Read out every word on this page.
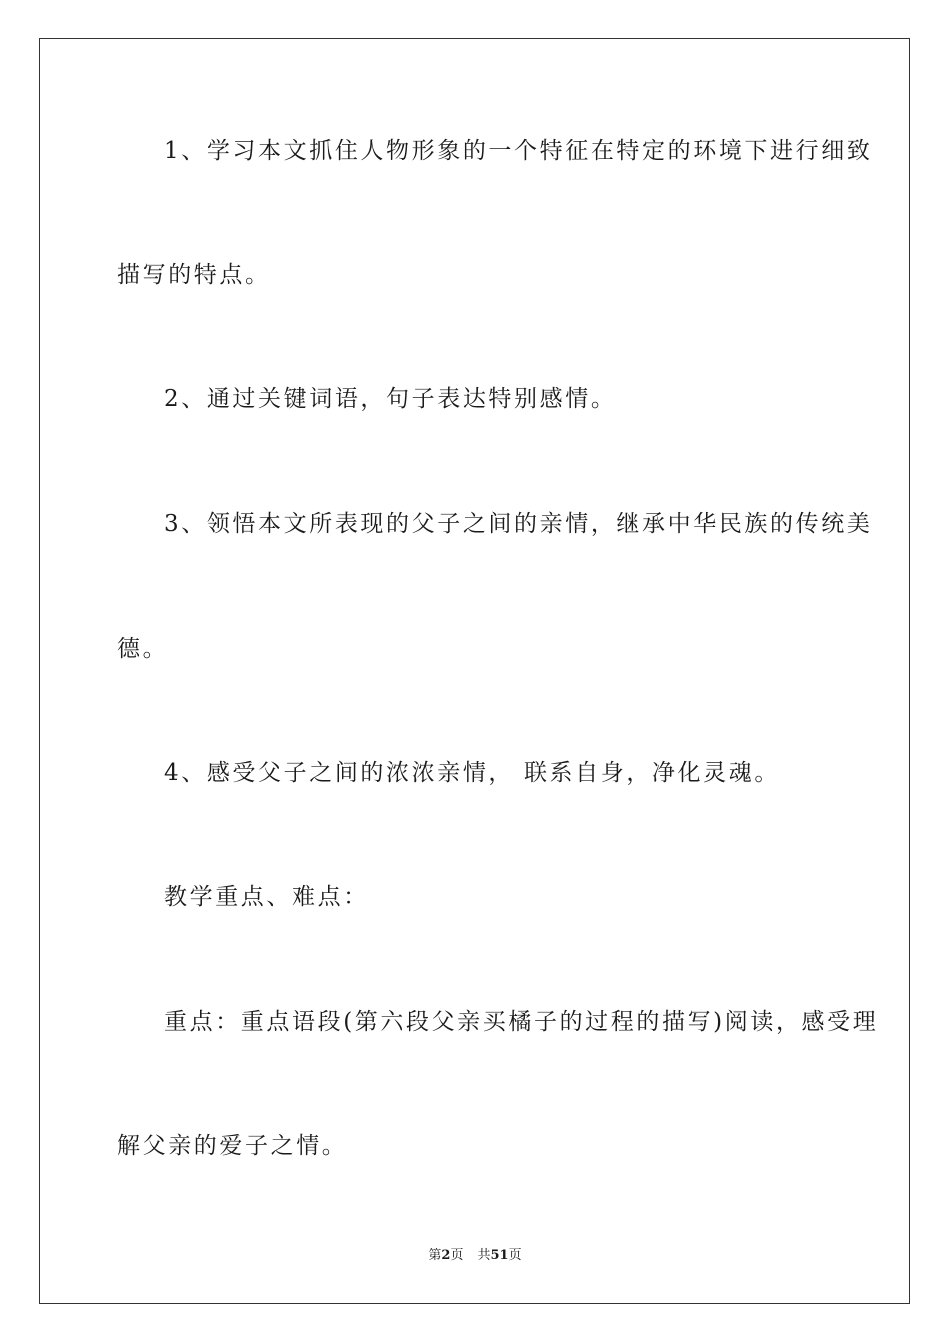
1、学习本文抓住人物形象的一个特征在特定的环境下进行细致
描写的特点。
2、通过关键词语，句子表达特别感情。
3、领悟本文所表现的父子之间的亲情，继承中华民族的传统美
德。
4、感受父子之间的浓浓亲情， 联系自身，净化灵魂。
教学重点、难点：
重点：重点语段(第六段父亲买橘子的过程的描写)阅读，感受理
解父亲的爱子之情。
第2页 共51页
